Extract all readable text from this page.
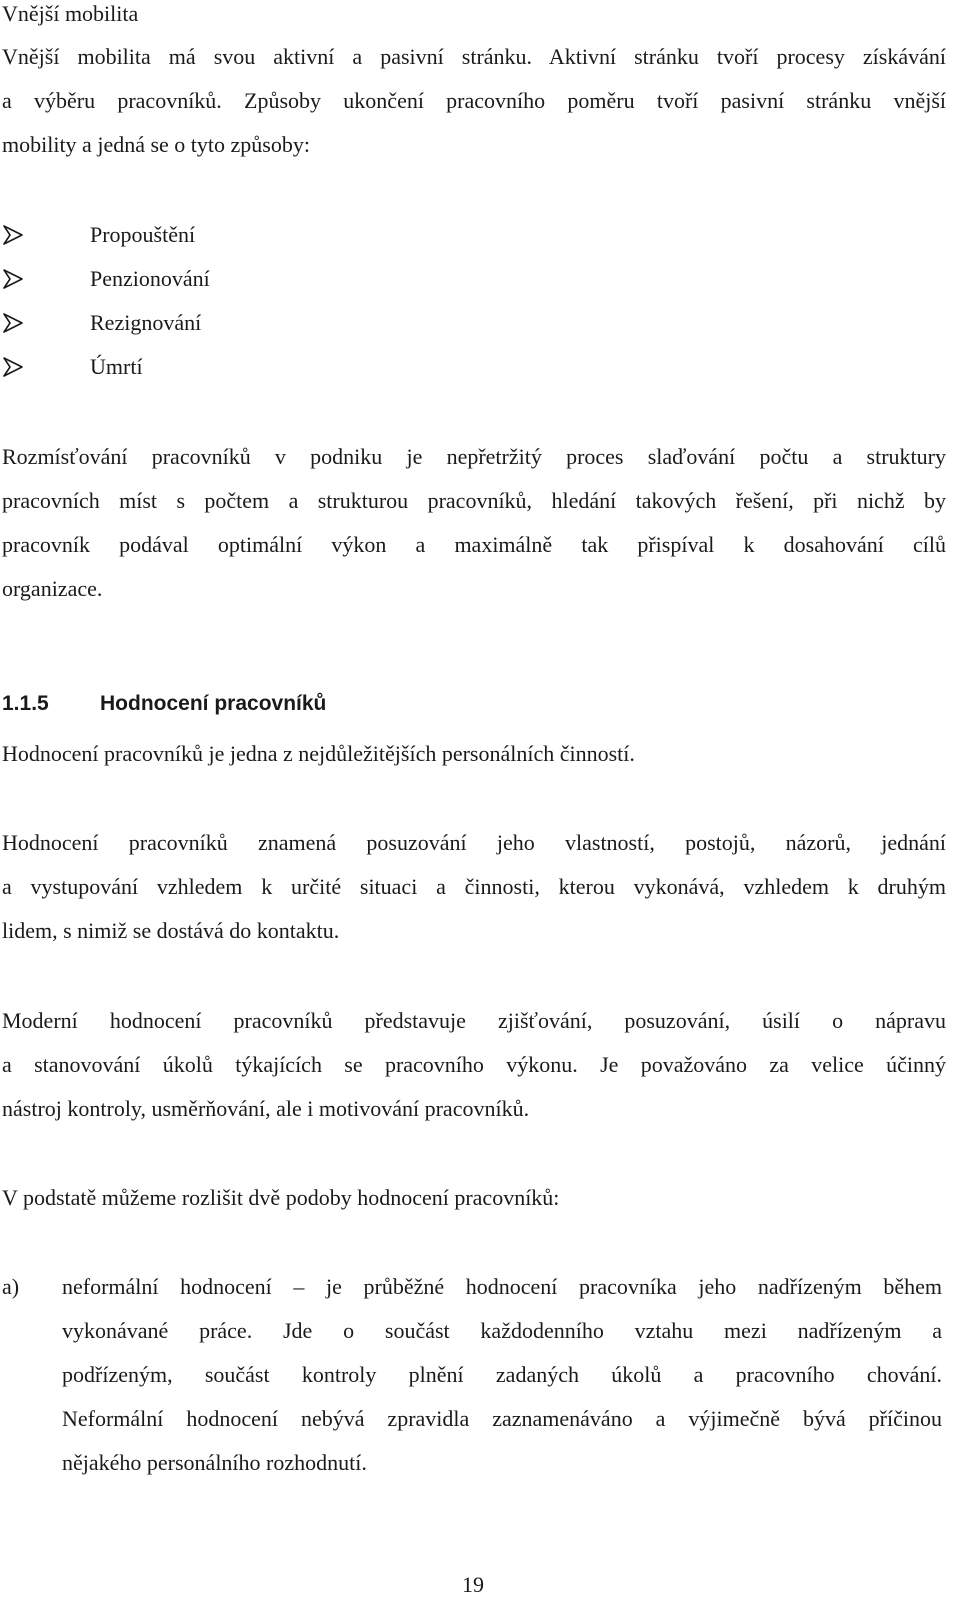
Vnější mobilita
Vnější mobilita má svou aktivní a pasivní stránku. Aktivní stránku tvoří procesy získávání
a výběru pracovníků. Způsoby ukončení pracovního poměru tvoří pasivní stránku vnější
mobility a jedná se o tyto způsoby:
Propouštění
Penzionování
Rezignování
Úmrtí
Rozmísťování pracovníků v podniku je nepřetržitý proces slaďování počtu a struktury
pracovních míst s počtem a strukturou pracovníků, hledání takových řešení, při nichž by
pracovník podával optimální výkon a maximálně tak přispíval k dosahování cílů
organizace.
1.1.5 Hodnocení pracovníků
Hodnocení pracovníků je jedna z nejdůležitějších personálních činností.
Hodnocení pracovníků znamená posuzování jeho vlastností, postojů, názorů, jednání
a vystupování vzhledem k určité situaci a činnosti, kterou vykonává, vzhledem k druhým
lidem, s nimiž se dostává do kontaktu.
Moderní hodnocení pracovníků představuje zjišťování, posuzování, úsilí o nápravu
a stanovování úkolů týkajících se pracovního výkonu. Je považováno za velice účinný
nástroj kontroly, usměrňování, ale i motivování pracovníků.
V podstatě můžeme rozlišit dvě podoby hodnocení pracovníků:
a) neformální hodnocení – je průběžné hodnocení pracovníka jeho nadřízeným během
vykonávané práce. Jde o součást každodenního vztahu mezi nadřízeným a
podřízeným, součást kontroly plnění zadaných úkolů a pracovního chování.
Neformální hodnocení nebývá zpravidla zaznamenáváno a výjimečně bývá příčinou
nějakého personálního rozhodnutí.
19
